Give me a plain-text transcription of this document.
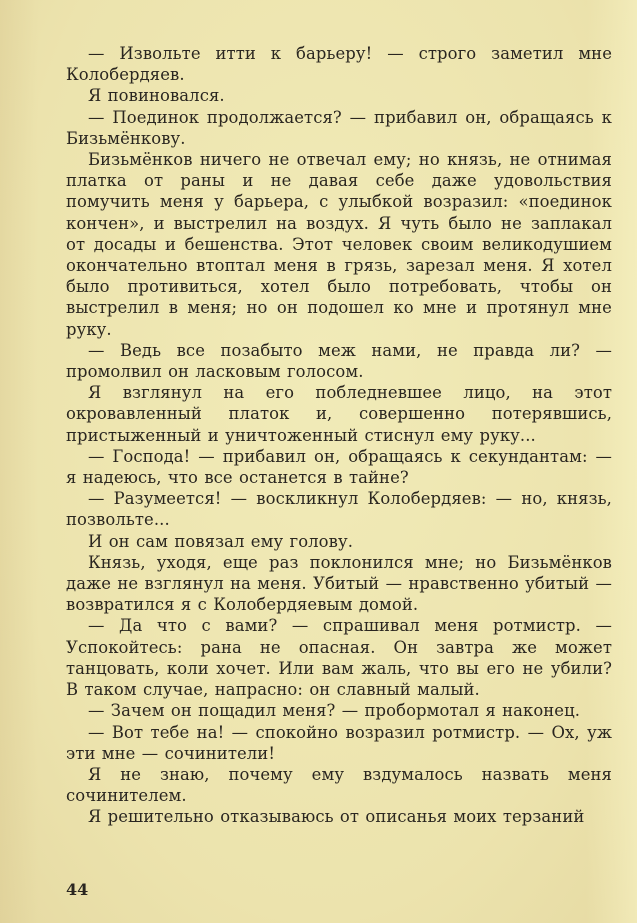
— Извольте итти к барьеру! — строго заметил мне Колобердяев.

Я повиновался.

— Поединок продолжается? — прибавил он, обращаясь к Бизьмёнкову.

Бизьмёнков ничего не отвечал ему; но князь, не отнимая платка от раны и не давая себе даже удовольствия помучить меня у барьера, с улыбкой возразил: «поединок кончен», и выстрелил на воздух. Я чуть было не заплакал от досады и бешенства. Этот человек своим великодушием окончательно втоптал меня в грязь, зарезал меня. Я хотел было противиться, хотел было потребовать, чтобы он выстрелил в меня; но он подошел ко мне и протянул мне руку.

— Ведь все позабыто меж нами, не правда ли? — промолвил он ласковым голосом.

Я взглянул на его побледневшее лицо, на этот окровавленный платок и, совершенно потерявшись, пристыженный и уничтоженный стиснул ему руку...

— Господа! — прибавил он, обращаясь к секундантам: — я надеюсь, что все останется в тайне?

— Разумеется! — воскликнул Колобердяев: — но, князь, позвольте...

И он сам повязал ему голову.

Князь, уходя, еще раз поклонился мне; но Бизьмёнков даже не взглянул на меня. Убитый — нравственно убитый — возвратился я с Колобердяевым домой.

— Да что с вами? — спрашивал меня ротмистр. — Успокойтесь: рана не опасная. Он завтра же может танцовать, коли хочет. Или вам жаль, что вы его не убили? В таком случае, напрасно: он славный малый.

— Зачем он пощадил меня? — пробормотал я наконец.

— Вот тебе на! — спокойно возразил ротмистр. — Ох, уж эти мне — сочинители!

Я не знаю, почему ему вздумалось назвать меня сочинителем.

Я решительно отказываюсь от описанья моих терзаний

44
